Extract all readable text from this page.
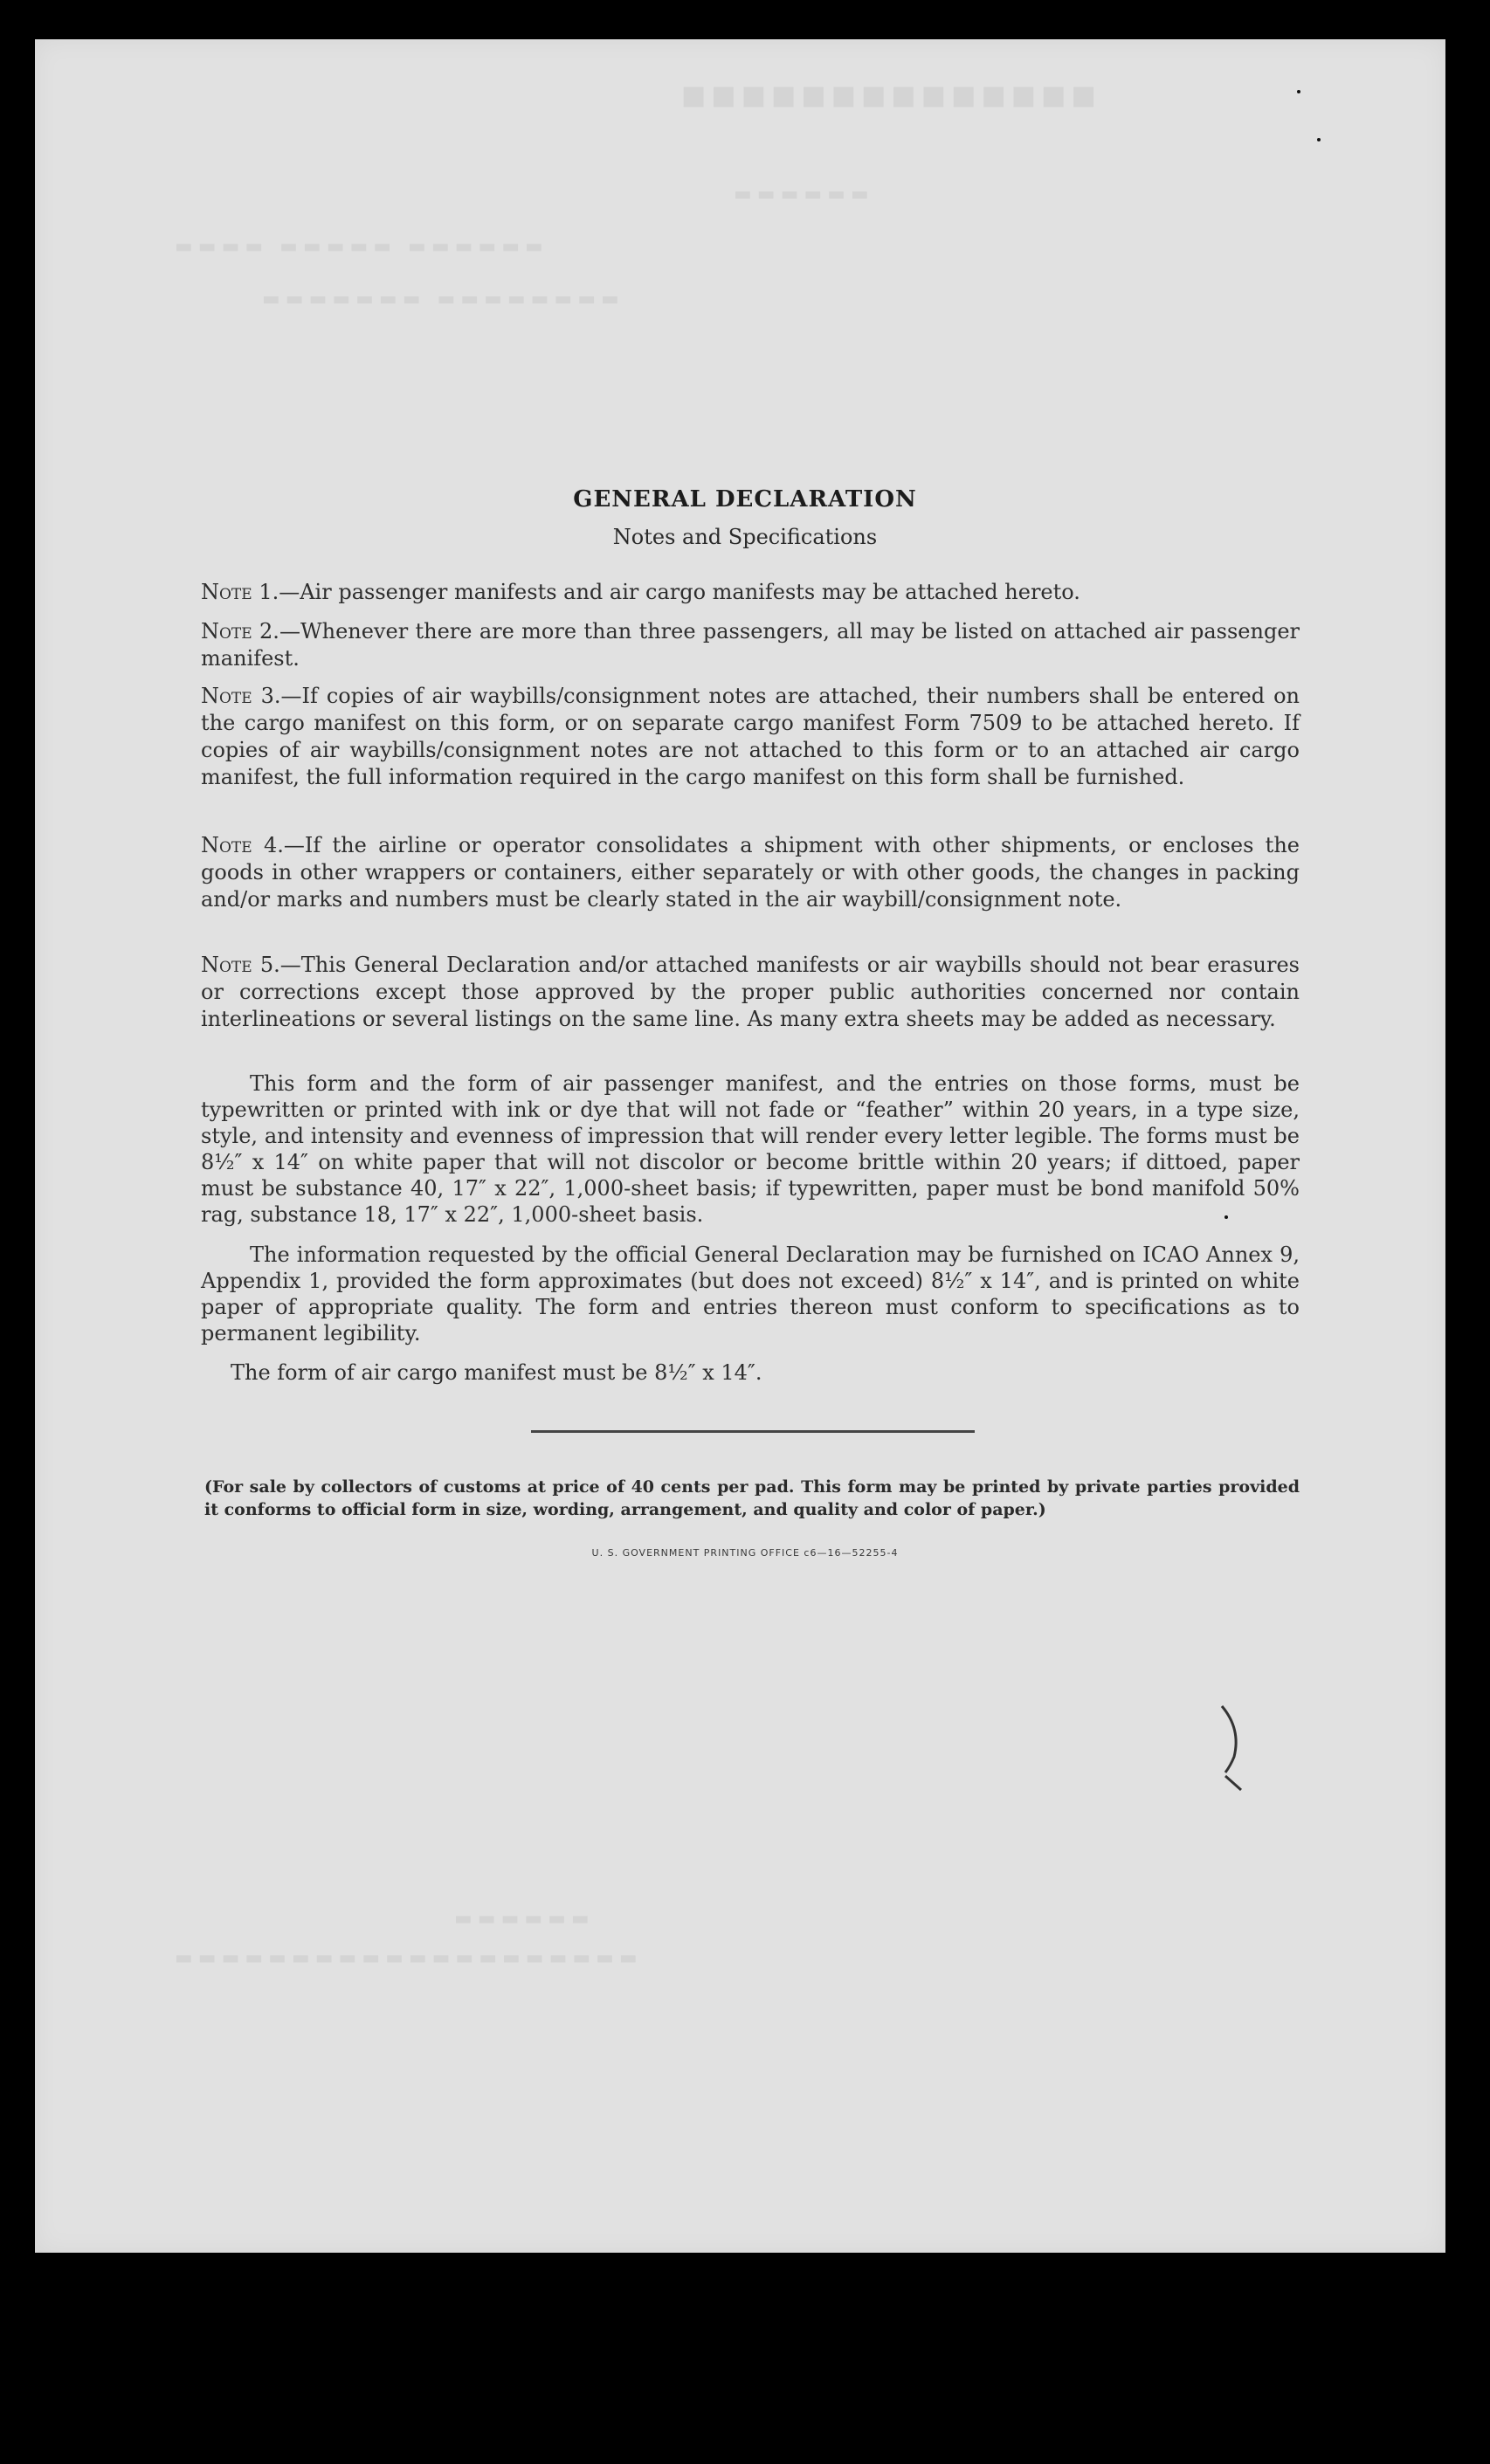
■■■■■■■■■■■■■■
▬▬▬▬▬▬
▬▬▬▬ ▬▬▬▬▬ ▬▬▬▬▬▬
▬▬▬▬▬▬▬ ▬▬▬▬▬▬▬▬
▬▬▬▬▬▬▬▬▬▬▬▬▬▬▬▬▬▬▬▬
▬▬▬▬▬▬
GENERAL DECLARATION
Notes and Specifications
Note 1.—Air passenger manifests and air cargo manifests may be attached hereto.
Note 2.—Whenever there are more than three passengers, all may be listed on attached air passenger manifest.
Note 3.—If copies of air waybills/consignment notes are attached, their numbers shall be entered on the cargo manifest on this form, or on separate cargo manifest Form 7509 to be attached hereto. If copies of air waybills/consignment notes are not attached to this form or to an attached air cargo manifest, the full information required in the cargo manifest on this form shall be furnished.
Note 4.—If the airline or operator consolidates a shipment with other shipments, or encloses the goods in other wrappers or containers, either separately or with other goods, the changes in packing and/or marks and numbers must be clearly stated in the air waybill/consignment note.
Note 5.—This General Declaration and/or attached manifests or air waybills should not bear erasures or corrections except those approved by the proper public authorities concerned nor contain interlineations or several listings on the same line. As many extra sheets may be added as necessary.
This form and the form of air passenger manifest, and the entries on those forms, must be typewritten or printed with ink or dye that will not fade or “feather” within 20 years, in a type size, style, and intensity and evenness of impression that will render every letter legible. The forms must be 8½″ x 14″ on white paper that will not discolor or become brittle within 20 years; if dittoed, paper must be substance 40, 17″ x 22″, 1,000-sheet basis; if typewritten, paper must be bond manifold 50% rag, substance 18, 17″ x 22″, 1,000-sheet basis.
The information requested by the official General Declaration may be furnished on ICAO Annex 9, Appendix 1, provided the form approximates (but does not exceed) 8½″ x 14″, and is printed on white paper of appropriate quality. The form and entries thereon must conform to specifications as to permanent legibility.
The form of air cargo manifest must be 8½″ x 14″.
(For sale by collectors of customs at price of 40 cents per pad. This form may be printed by private parties provided it conforms to official form in size, wording, arrangement, and quality and color of paper.)
U. S. GOVERNMENT PRINTING OFFICE c6—16—52255-4
